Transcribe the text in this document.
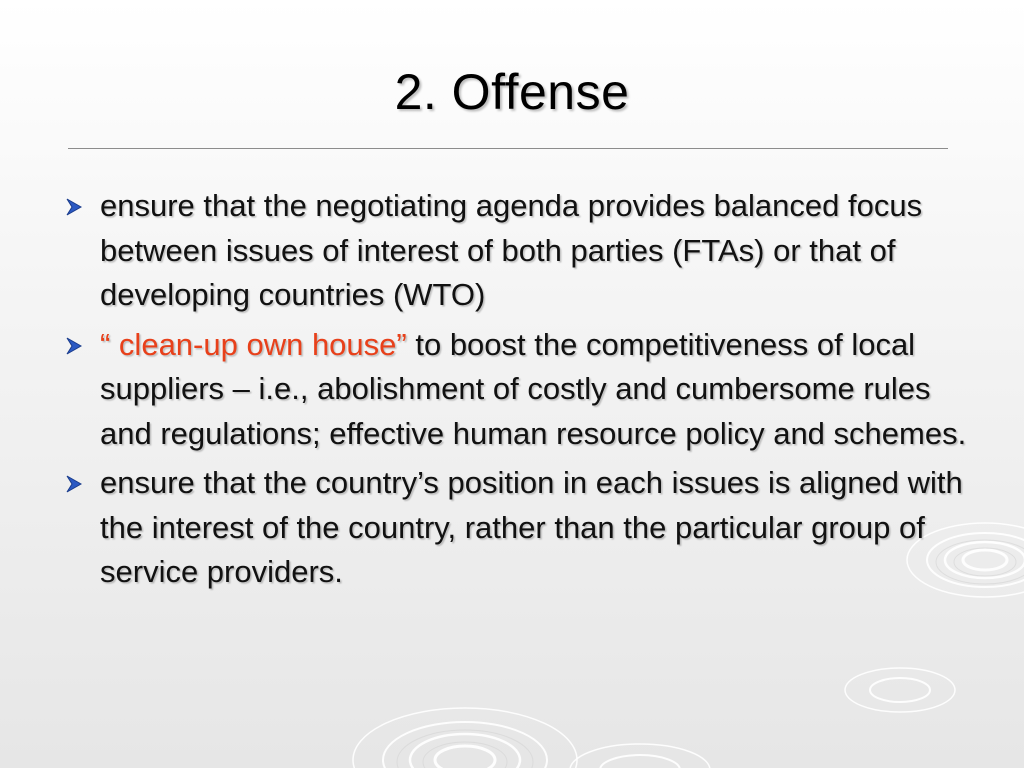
2. Offense
ensure that the negotiating agenda provides balanced focus between issues of interest of both parties (FTAs) or that of developing countries (WTO)
“ clean-up own house” to boost the competitiveness of local suppliers – i.e., abolishment of costly and cumbersome rules and regulations; effective human resource policy and schemes.
ensure that the country’s position in each issues is aligned with the interest of the country, rather than the particular group of service providers.
